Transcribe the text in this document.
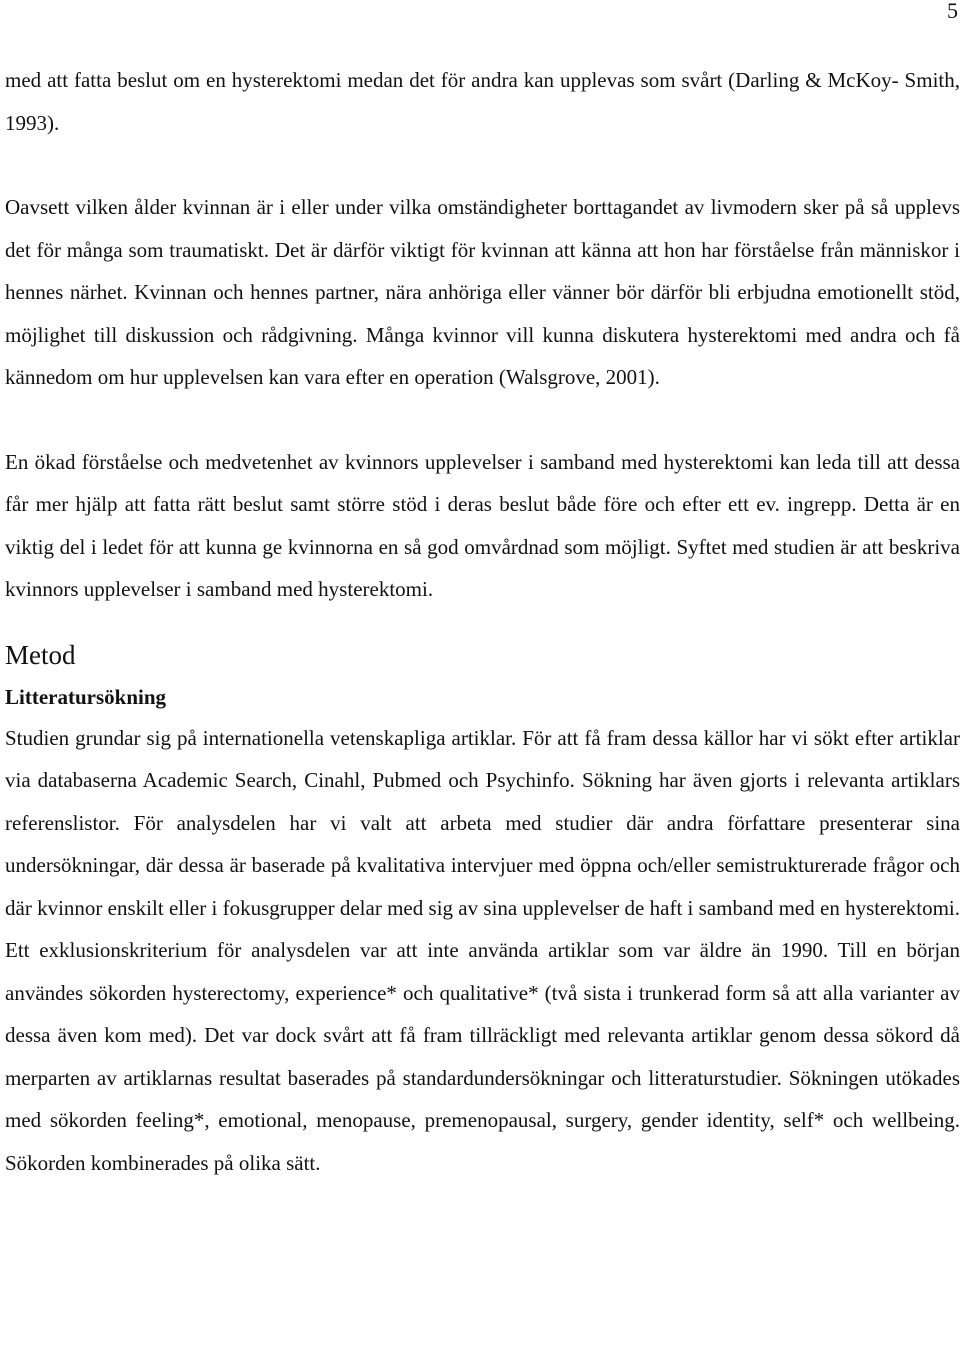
5

med att fatta beslut om en hysterektomi medan det för andra kan upplevas som svårt (Darling & McKoy- Smith, 1993).

Oavsett vilken ålder kvinnan är i eller under vilka omständigheter borttagandet av livmodern sker på så upplevs det för många som traumatiskt. Det är därför viktigt för kvinnan att känna att hon har förståelse från människor i hennes närhet. Kvinnan och hennes partner, nära anhöriga eller vänner bör därför bli erbjudna emotionellt stöd, möjlighet till diskussion och rådgivning. Många kvinnor vill kunna diskutera hysterektomi med andra och få kännedom om hur upplevelsen kan vara efter en operation (Walsgrove, 2001).

En ökad förståelse och medvetenhet av kvinnors upplevelser i samband med hysterektomi kan leda till att dessa får mer hjälp att fatta rätt beslut samt större stöd i deras beslut både före och efter ett ev. ingrepp. Detta är en viktig del i ledet för att kunna ge kvinnorna en så god omvårdnad som möjligt. Syftet med studien är att beskriva kvinnors upplevelser i samband med hysterektomi.

Metod
Litteratursökning

Studien grundar sig på internationella vetenskapliga artiklar. För att få fram dessa källor har vi sökt efter artiklar via databaserna Academic Search, Cinahl, Pubmed och Psychinfo. Sökning har även gjorts i relevanta artiklars referenslistor. För analysdelen har vi valt att arbeta med studier där andra författare presenterar sina undersökningar, där dessa är baserade på kvalitativa intervjuer med öppna och/eller semistrukturerade frågor och där kvinnor enskilt eller i fokusgrupper delar med sig av sina upplevelser de haft i samband med en hysterektomi. Ett exklusionskriterium för analysdelen var att inte använda artiklar som var äldre än 1990. Till en början användes sökorden hysterectomy, experience* och qualitative* (två sista i trunkerad form så att alla varianter av dessa även kom med). Det var dock svårt att få fram tillräckligt med relevanta artiklar genom dessa sökord då merparten av artiklarnas resultat baserades på standardundersökningar och litteraturstudier. Sökningen utökades med sökorden feeling*, emotional, menopause, premenopausal, surgery, gender identity, self* och wellbeing. Sökorden kombinerades på olika sätt.
